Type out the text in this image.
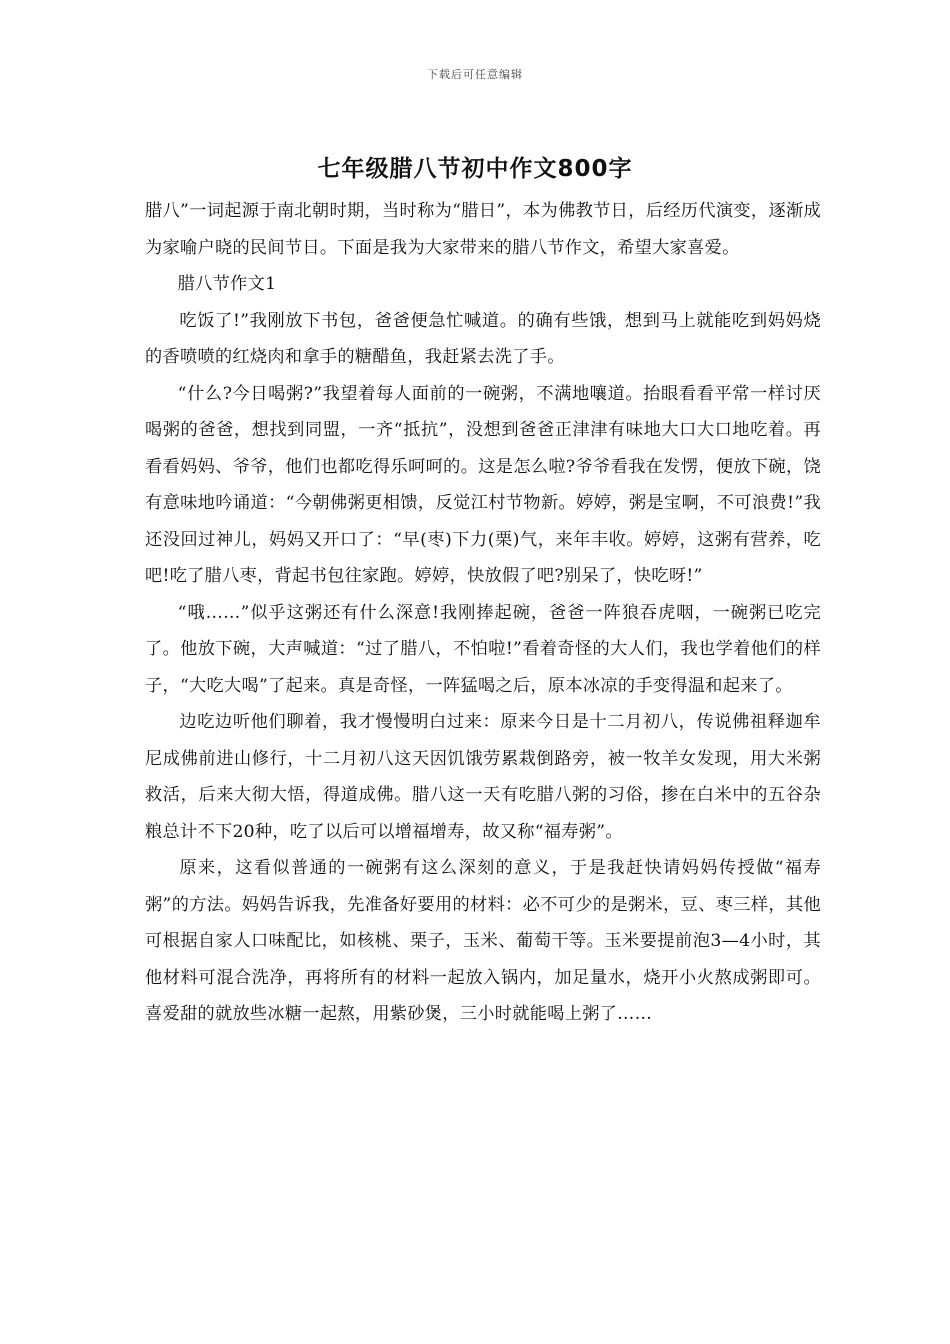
下载后可任意编辑
七年级腊八节初中作文800字

腊八”一词起源于南北朝时期，当时称为“腊日”，本为佛教节日，后经历代演变，逐渐成为家喻户晓的民间节日。下面是我为大家带来的腊八节作文，希望大家喜爱。

腊八节作文1

吃饭了!”我刚放下书包，爸爸便急忙喊道。的确有些饿，想到马上就能吃到妈妈烧的香喷喷的红烧肉和拿手的糖醋鱼，我赶紧去洗了手。

“什么?今日喝粥?”我望着每人面前的一碗粥，不满地嚷道。抬眼看看平常一样讨厌喝粥的爸爸，想找到同盟，一齐“抵抗”，没想到爸爸正津津有味地大口大口地吃着。再看看妈妈、爷爷，他们也都吃得乐呵呵的。这是怎么啦?爷爷看我在发愣，便放下碗，饶有意味地吟诵道：“今朝佛粥更相馈，反觉江村节物新。婷婷，粥是宝啊，不可浪费!”我还没回过神儿，妈妈又开口了：“早(枣)下力(栗)气，来年丰收。婷婷，这粥有营养，吃吧!吃了腊八枣，背起书包往家跑。婷婷，快放假了吧?别呆了，快吃呀!”

“哦……”似乎这粥还有什么深意!我刚捧起碗，爸爸一阵狼吞虎咽，一碗粥已吃完了。他放下碗，大声喊道：“过了腊八，不怕啦!”看着奇怪的大人们，我也学着他们的样子，“大吃大喝”了起来。真是奇怪，一阵猛喝之后，原本冰凉的手变得温和起来了。

边吃边听他们聊着，我才慢慢明白过来：原来今日是十二月初八，传说佛祖释迦牟尼成佛前进山修行，十二月初八这天因饥饿劳累栽倒路旁，被一牧羊女发现，用大米粥救活，后来大彻大悟，得道成佛。腊八这一天有吃腊八粥的习俗，掺在白米中的五谷杂粮总计不下20种，吃了以后可以增福增寿，故又称“福寿粥”。

原来，这看似普通的一碗粥有这么深刻的意义，于是我赶快请妈妈传授做“福寿粥”的方法。妈妈告诉我，先准备好要用的材料：必不可少的是粥米，豆、枣三样，其他可根据自家人口味配比，如核桃、栗子，玉米、葡萄干等。玉米要提前泡3—4小时，其他材料可混合洗净，再将所有的材料一起放入锅内，加足量水，烧开小火熬成粥即可。喜爱甜的就放些冰糖一起熬，用紫砂煲，三小时就能喝上粥了……
